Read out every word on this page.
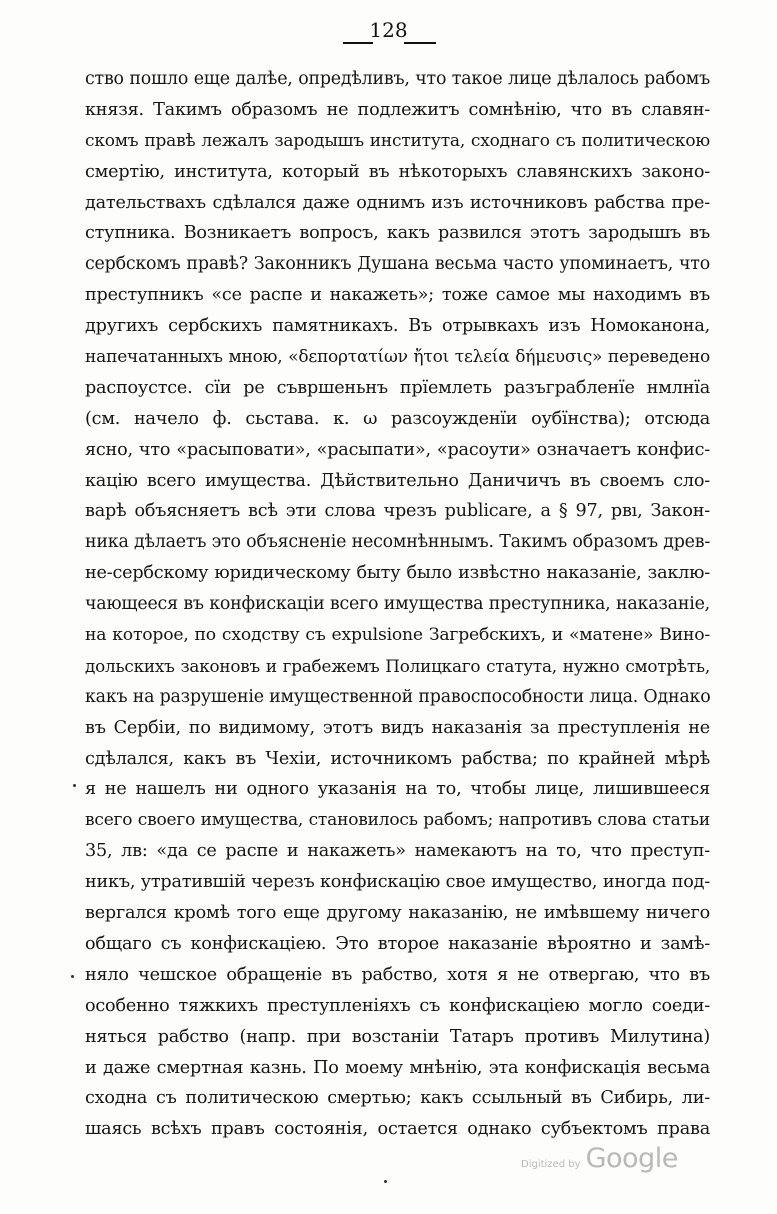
128
ство пошло еще далѣе, опредѣливъ, что такое лице дѣлалось рабомъ
князя. Такимъ образомъ не подлежитъ сомнѣнію, что въ славян-
скомъ правѣ лежалъ зародышъ института, сходнаго съ политическою
смертію, института, который въ нѣкоторыхъ славянскихъ законо-
дательствахъ сдѣлался даже однимъ изъ источниковъ рабства пре-
ступника. Возникаетъ вопросъ, какъ развился этотъ зародышъ въ
сербскомъ правѣ? Законникъ Душана весьма часто упоминаетъ, что
преступникъ «се распе и накажеть»; тоже самое мы находимъ въ
другихъ сербскихъ памятникахъ. Въ отрывкахъ изъ Номоканона,
напечатанныхъ мною, «δεπορτατίων ἤτοι τελεία δήμευσις» переведено
распоустсе. сїи ре съвршеньнъ прїемлеть разъграбленїе нмлнїа
(см. начело ф. сьстава. к. ω разсоужденїи оубїнства); отсюда
ясно, что «расыповати», «расыпати», «расоути» означаетъ конфис-
кацію всего имущества. Дѣйствительно Даничичъ въ своемъ сло-
варѣ объясняетъ всѣ эти слова чрезъ publicare, а § 97, рвı, Закон-
ника дѣлаетъ это объясненіе несомнѣннымъ. Такимъ образомъ древ-
не-сербскому юридическому быту было извѣстно наказаніе, заклю-
чающееся въ конфискаціи всего имущества преступника, наказаніе,
на которое, по сходству съ expulsione Загребскихъ, и «матене» Вино-
дольскихъ законовъ и грабежемъ Полицкаго статута, нужно смотрѣть,
какъ на разрушеніе имущественной правоспособности лица. Однако
въ Сербіи, по видимому, этотъ видъ наказанія за преступленія не
сдѣлался, какъ въ Чехіи, источникомъ рабства; по крайней мѣрѣ
я не нашелъ ни одного указанія на то, чтобы лице, лишившееся
всего своего имущества, становилось рабомъ; напротивъ слова статьи
35, лв: «да се распе и накажеть» намекаютъ на то, что преступ-
никъ, утратившій черезъ конфискацію свое имущество, иногда под-
вергался кромѣ того еще другому наказанію, не имѣвшему ничего
общаго съ конфискаціею. Это второе наказаніе вѣроятно и замѣ-
няло чешское обращеніе въ рабство, хотя я не отвергаю, что въ
особенно тяжкихъ преступленіяхъ съ конфискаціею могло соеди-
няться рабство (напр. при возстаніи Татаръ противъ Милутина)
и даже смертная казнь. По моему мнѣнію, эта конфискація весьма
сходна съ политическою смертью; какъ ссыльный въ Сибирь, ли-
шаясь всѣхъ правъ состоянія, остается однако субъектомъ права
Digitized by Google
